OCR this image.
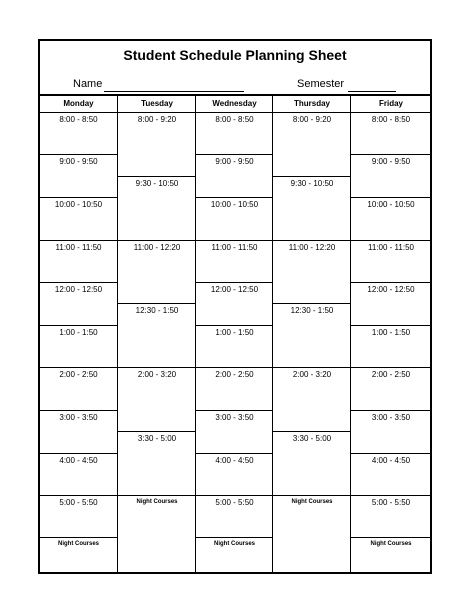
Student Schedule Planning Sheet
Name	Semester
Monday
8:00 - 8:50
9:00 - 9:50
10:00 - 10:50
11:00 - 11:50
12:00 - 12:50
1:00 - 1:50
2:00 - 2:50
3:00 - 3:50
4:00 - 4:50
5:00 - 5:50
Night Courses
Tuesday
8:00 - 9:20
9:30 - 10:50
11:00 - 12:20
12:30 - 1:50
2:00 - 3:20
3:30 - 5:00
Night Courses
Wednesday
8:00 - 8:50
9:00 - 9:50
10:00 - 10:50
11:00 - 11:50
12:00 - 12:50
1:00 - 1:50
2:00 - 2:50
3:00 - 3:50
4:00 - 4:50
5:00 - 5:50
Night Courses
Thursday
8:00 - 9:20
9:30 - 10:50
11:00 - 12:20
12:30 - 1:50
2:00 - 3:20
3:30 - 5:00
Night Courses
Friday
8:00 - 8:50
9:00 - 9:50
10:00 - 10:50
11:00 - 11:50
12:00 - 12:50
1:00 - 1:50
2:00 - 2:50
3:00 - 3:50
4:00 - 4:50
5:00 - 5:50
Night Courses
